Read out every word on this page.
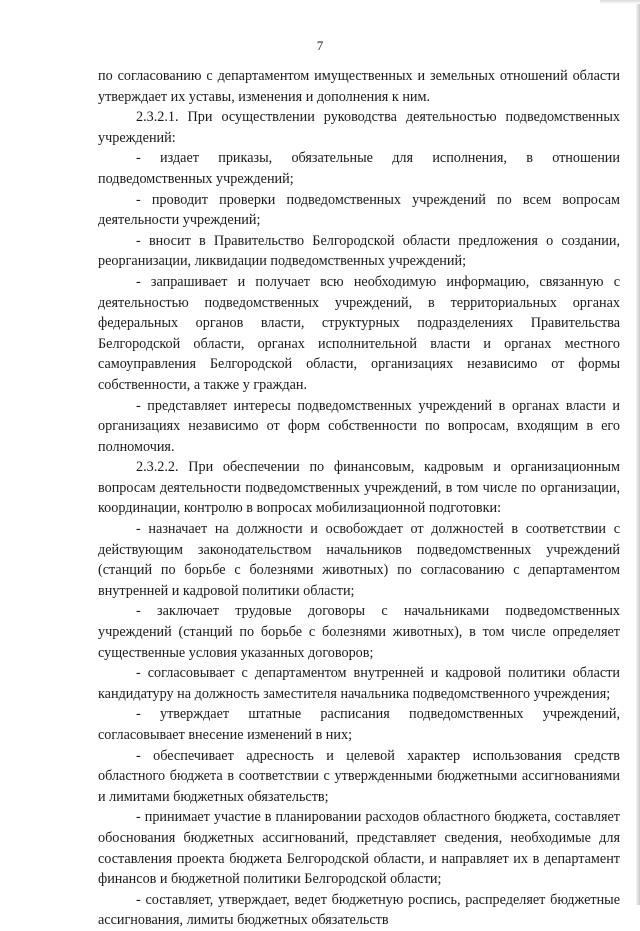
7

по согласованию с департаментом имущественных и земельных отношений области утверждает их уставы, изменения и дополнения к ним.

2.3.2.1. При осуществлении руководства деятельностью подведомственных учреждений:

- издает приказы, обязательные для исполнения, в отношении подведомственных учреждений;

- проводит проверки подведомственных учреждений по всем вопросам деятельности учреждений;

- вносит в Правительство Белгородской области предложения о создании, реорганизации, ликвидации подведомственных учреждений;

- запрашивает и получает всю необходимую информацию, связанную с деятельностью подведомственных учреждений, в территориальных органах федеральных органов власти, структурных подразделениях Правительства Белгородской области, органах исполнительной власти и органах местного самоуправления Белгородской области, организациях независимо от формы собственности, а также у граждан.

- представляет интересы подведомственных учреждений в органах власти и организациях независимо от форм собственности по вопросам, входящим в его полномочия.

2.3.2.2. При обеспечении по финансовым, кадровым и организационным вопросам деятельности подведомственных учреждений, в том числе по организации, координации, контролю в вопросах мобилизационной подготовки:

- назначает на должности и освобождает от должностей в соответствии с действующим законодательством начальников подведомственных учреждений (станций по борьбе с болезнями животных) по согласованию с департаментом внутренней и кадровой политики области;

- заключает трудовые договоры с начальниками подведомственных учреждений (станций по борьбе с болезнями животных), в том числе определяет существенные условия указанных договоров;

- согласовывает с департаментом внутренней и кадровой политики области кандидатуру на должность заместителя начальника подведомственного учреждения;

- утверждает штатные расписания подведомственных учреждений, согласовывает внесение изменений в них;

- обеспечивает адресность и целевой характер использования средств областного бюджета в соответствии с утвержденными бюджетными ассигнованиями и лимитами бюджетных обязательств;

- принимает участие в планировании расходов областного бюджета, составляет обоснования бюджетных ассигнований, представляет сведения, необходимые для составления проекта бюджета Белгородской области, и направляет их в департамент финансов и бюджетной политики Белгородской области;

- составляет, утверждает, ведет бюджетную роспись, распределяет бюджетные ассигнования, лимиты бюджетных обязательств
